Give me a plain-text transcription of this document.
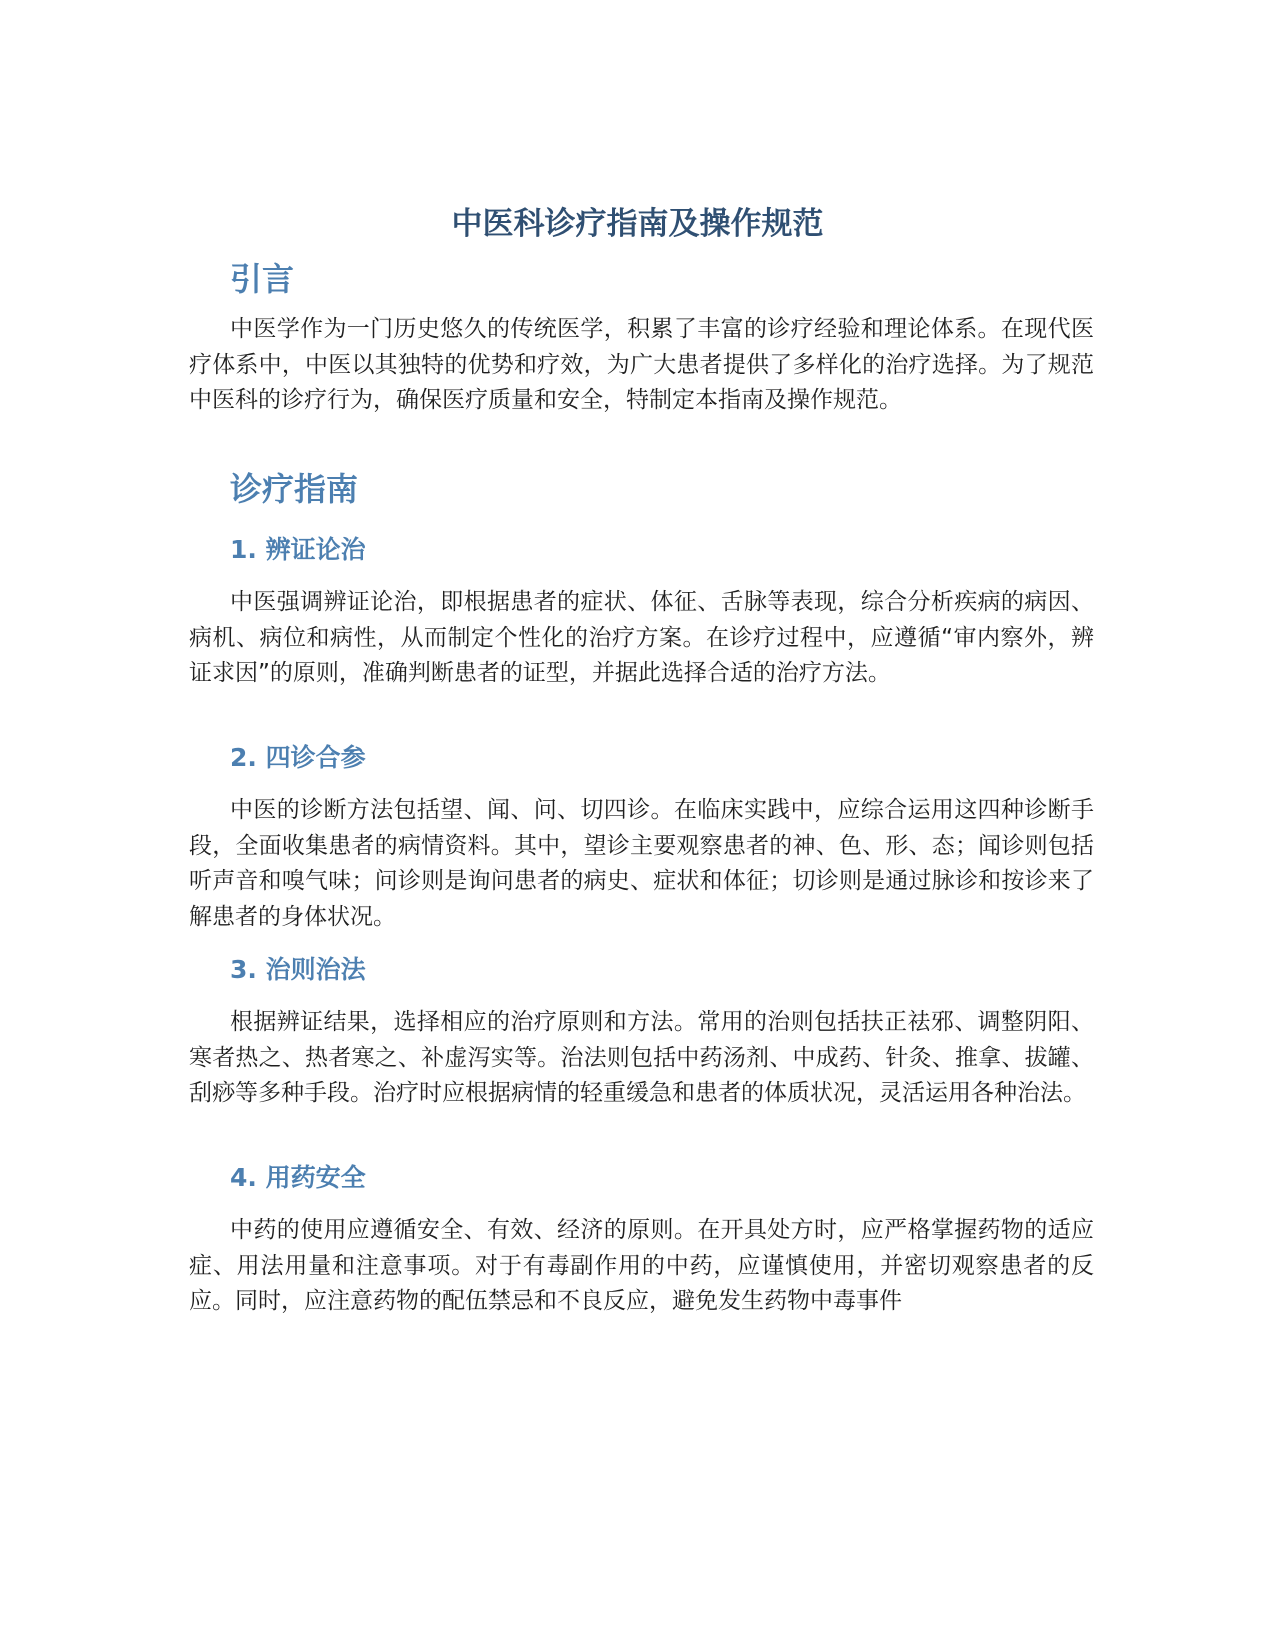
中医科诊疗指南及操作规范
引言

中医学作为一门历史悠久的传统医学，积累了丰富的诊疗经验和理论体系。在现代医疗体系中，中医以其独特的优势和疗效，为广大患者提供了多样化的治疗选择。为了规范中医科的诊疗行为，确保医疗质量和安全，特制定本指南及操作规范。

诊疗指南
1. 辨证论治

中医强调辨证论治，即根据患者的症状、体征、舌脉等表现，综合分析疾病的病因、病机、病位和病性，从而制定个性化的治疗方案。在诊疗过程中，应遵循“审内察外，辨证求因”的原则，准确判断患者的证型，并据此选择合适的治疗方法。

2. 四诊合参

中医的诊断方法包括望、闻、问、切四诊。在临床实践中，应综合运用这四种诊断手段，全面收集患者的病情资料。其中，望诊主要观察患者的神、色、形、态；闻诊则包括听声音和嗅气味；问诊则是询问患者的病史、症状和体征；切诊则是通过脉诊和按诊来了解患者的身体状况。

3. 治则治法

根据辨证结果，选择相应的治疗原则和方法。常用的治则包括扶正祛邪、调整阴阳、寒者热之、热者寒之、补虚泻实等。治法则包括中药汤剂、中成药、针灸、推拿、拔罐、刮痧等多种手段。治疗时应根据病情的轻重缓急和患者的体质状况，灵活运用各种治法。

4. 用药安全

中药的使用应遵循安全、有效、经济的原则。在开具处方时，应严格掌握药物的适应症、用法用量和注意事项。对于有毒副作用的中药，应谨慎使用，并密切观察患者的反应。同时，应注意药物的配伍禁忌和不良反应，避免发生药物中毒事件
